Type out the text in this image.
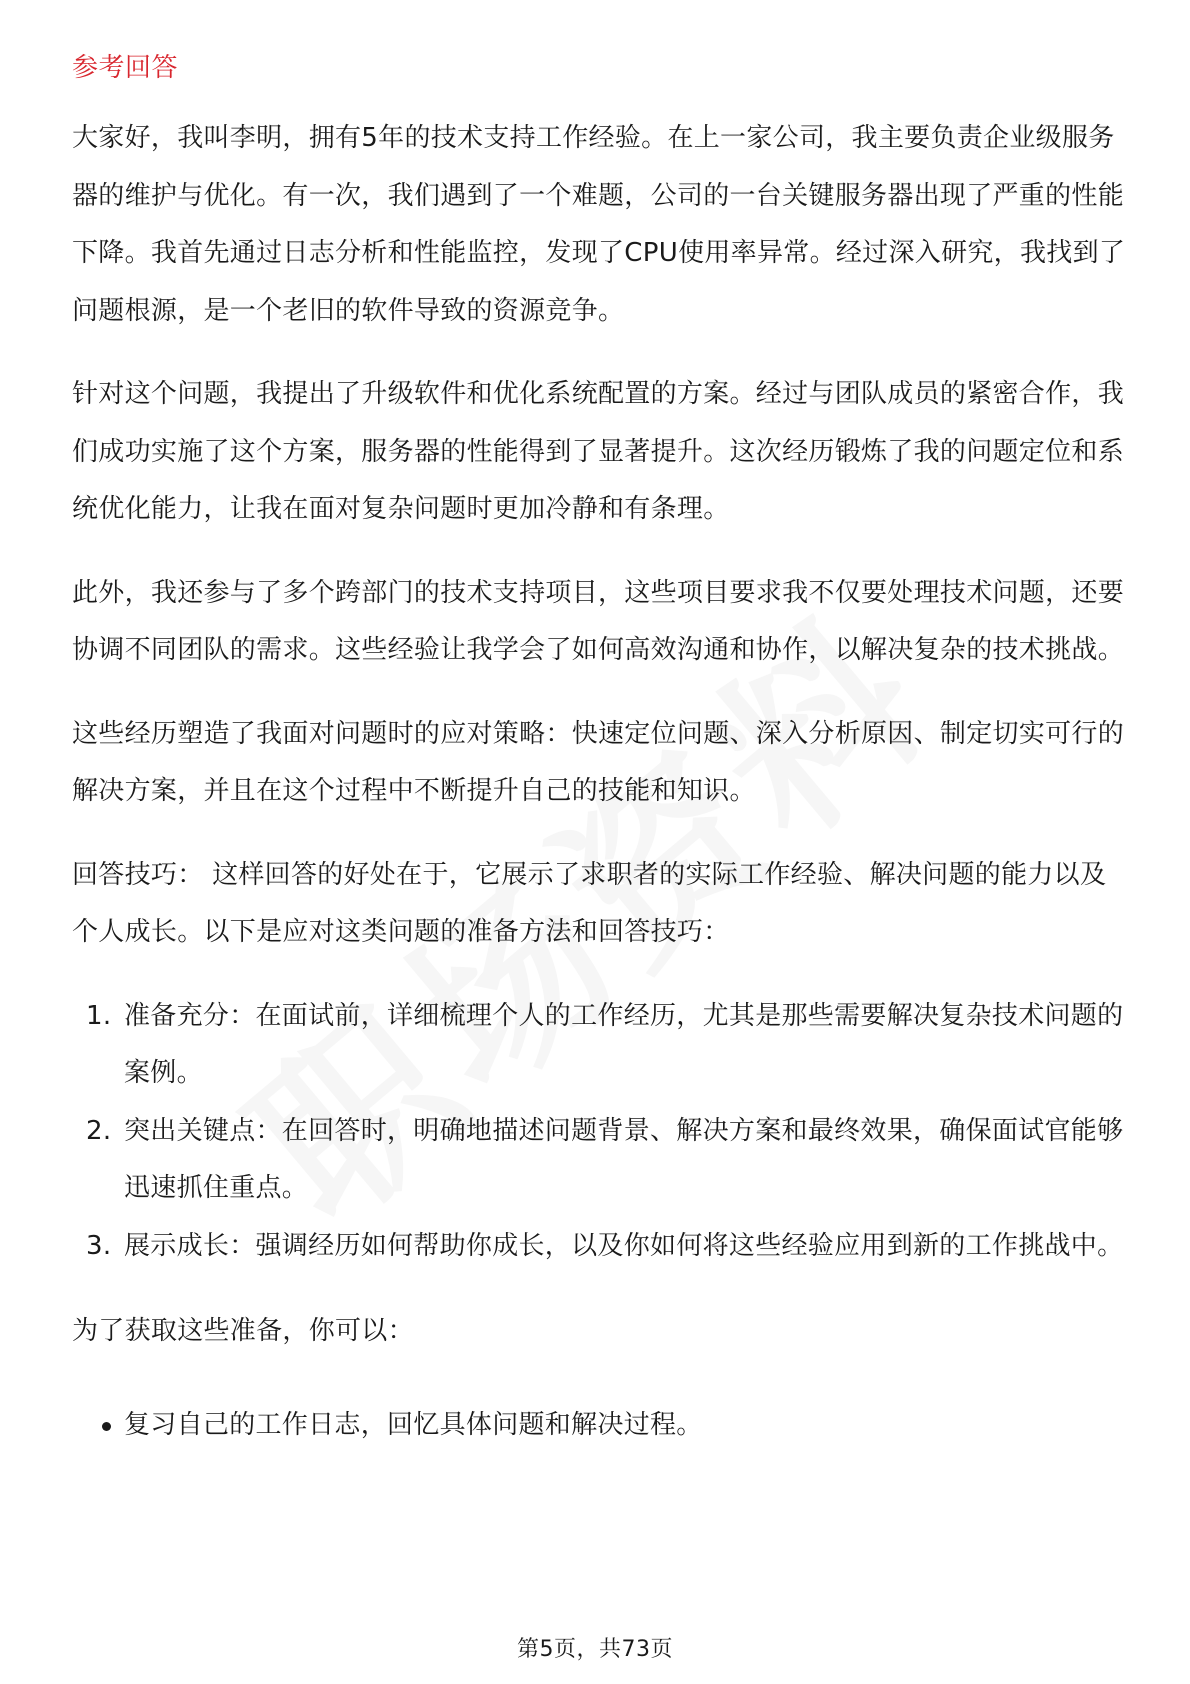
参考回答

大家好，我叫李明，拥有5年的技术支持工作经验。在上一家公司，我主要负责企业级服务器的维护与优化。有一次，我们遇到了一个难题，公司的一台关键服务器出现了严重的性能下降。我首先通过日志分析和性能监控，发现了CPU使用率异常。经过深入研究，我找到了问题根源，是一个老旧的软件导致的资源竞争。

针对这个问题，我提出了升级软件和优化系统配置的方案。经过与团队成员的紧密合作，我们成功实施了这个方案，服务器的性能得到了显著提升。这次经历锻炼了我的问题定位和系统优化能力，让我在面对复杂问题时更加冷静和有条理。

此外，我还参与了多个跨部门的技术支持项目，这些项目要求我不仅要处理技术问题，还要协调不同团队的需求。这些经验让我学会了如何高效沟通和协作，以解决复杂的技术挑战。

这些经历塑造了我面对问题时的应对策略：快速定位问题、深入分析原因、制定切实可行的解决方案，并且在这个过程中不断提升自己的技能和知识。

回答技巧： 这样回答的好处在于，它展示了求职者的实际工作经验、解决问题的能力以及个人成长。以下是应对这类问题的准备方法和回答技巧：

1. 准备充分：在面试前，详细梳理个人的工作经历，尤其是那些需要解决复杂技术问题的案例。
2. 突出关键点：在回答时，明确地描述问题背景、解决方案和最终效果，确保面试官能够迅速抓住重点。
3. 展示成长：强调经历如何帮助你成长，以及你如何将这些经验应用到新的工作挑战中。

为了获取这些准备，你可以：

复习自己的工作日志，回忆具体问题和解决过程。
第5页，共73页
